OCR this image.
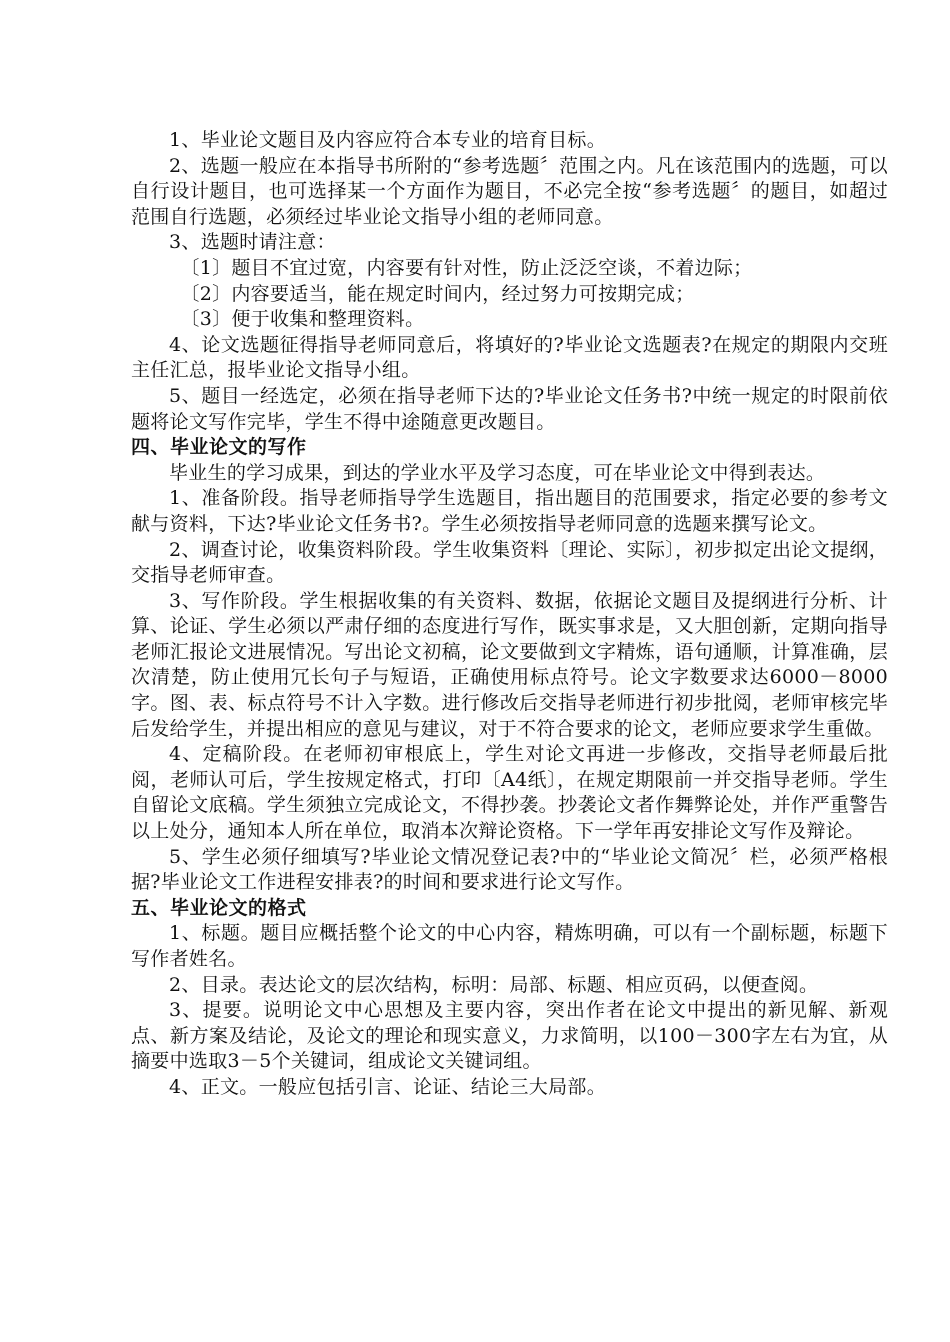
1、毕业论文题目及内容应符合本专业的培育目标。

2、选题一般应在本指导书所附的“参考选题〞范围之内。凡在该范围内的选题，可以自行设计题目，也可选择某一个方面作为题目，不必完全按“参考选题〞的题目，如超过范围自行选题，必须经过毕业论文指导小组的老师同意。

3、选题时请注意：

〔1〕题目不宜过宽，内容要有针对性，防止泛泛空谈，不着边际；

〔2〕内容要适当，能在规定时间内，经过努力可按期完成；

〔3〕便于收集和整理资料。

4、论文选题征得指导老师同意后，将填好的?毕业论文选题表?在规定的期限内交班主任汇总，报毕业论文指导小组。

5、题目一经选定，必须在指导老师下达的?毕业论文任务书?中统一规定的时限前依题将论文写作完毕，学生不得中途随意更改题目。

四、毕业论文的写作

毕业生的学习成果，到达的学业水平及学习态度，可在毕业论文中得到表达。

1、准备阶段。指导老师指导学生选题目，指出题目的范围要求，指定必要的参考文献与资料，下达?毕业论文任务书?。学生必须按指导老师同意的选题来撰写论文。

2、调查讨论，收集资料阶段。学生收集资料〔理论、实际〕，初步拟定出论文提纲，交指导老师审查。

3、写作阶段。学生根据收集的有关资料、数据，依据论文题目及提纲进行分析、计算、论证、学生必须以严肃仔细的态度进行写作，既实事求是，又大胆创新，定期向指导老师汇报论文进展情况。写出论文初稿，论文要做到文字精炼，语句通顺，计算准确，层次清楚，防止使用冗长句子与短语，正确使用标点符号。论文字数要求达6000－8000字。图、表、标点符号不计入字数。进行修改后交指导老师进行初步批阅，老师审核完毕后发给学生，并提出相应的意见与建议，对于不符合要求的论文，老师应要求学生重做。

4、定稿阶段。在老师初审根底上，学生对论文再进一步修改，交指导老师最后批阅，老师认可后，学生按规定格式，打印〔A4纸〕，在规定期限前一并交指导老师。学生自留论文底稿。学生须独立完成论文，不得抄袭。抄袭论文者作舞弊论处，并作严重警告以上处分，通知本人所在单位，取消本次辩论资格。下一学年再安排论文写作及辩论。

5、学生必须仔细填写?毕业论文情况登记表?中的“毕业论文简况〞栏，必须严格根据?毕业论文工作进程安排表?的时间和要求进行论文写作。

五、毕业论文的格式

1、标题。题目应概括整个论文的中心内容，精炼明确，可以有一个副标题，标题下写作者姓名。

2、目录。表达论文的层次结构，标明：局部、标题、相应页码，以便查阅。

3、提要。说明论文中心思想及主要内容，突出作者在论文中提出的新见解、新观点、新方案及结论，及论文的理论和现实意义，力求简明，以100－300字左右为宜，从摘要中选取3－5个关键词，组成论文关键词组。

4、正文。一般应包括引言、论证、结论三大局部。
